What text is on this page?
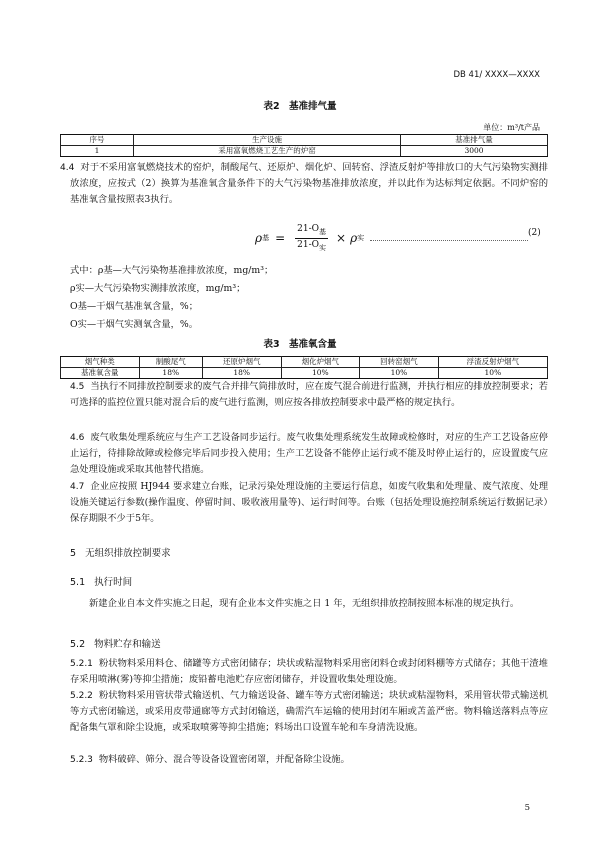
DB 41/ XXXX—XXXX
表2　基准排气量
单位：m³/t产品
序号	生产设施	基准排气量
1	采用富氧燃烧工艺生产的炉窑	3000
4.4 对于不采用富氧燃烧技术的窑炉，制酸尾气、还原炉、烟化炉、回转窑、浮渣反射炉等排放口的大气污染物实测排放浓度，应按式（2）换算为基准氧含量条件下的大气污染物基准排放浓度，并以此作为达标判定依据。不同炉窑的基准氧含量按照表3执行。
ρ 基 = $\frac{21-O_基}{21-O_实} \times \rho$ 实	(2)
式中：ρ基—大气污染物基准排放浓度，mg/m³；
ρ实—大气污染物实测排放浓度，mg/m³；
O基—干烟气基准氧含量，%；
O实—干烟气实测氧含量，%。
表3　基准氧含量
烟气种类	制酸尾气	还原炉烟气	烟化炉烟气	回转窑烟气	浮渣反射炉烟气
基准氧含量	18%	18%	10%	10%	10%
4.5 当执行不同排放控制要求的废气合并排气筒排放时，应在废气混合前进行监测，并执行相应的排放控制要求；若可选择的监控位置只能对混合后的废气进行监测，则应按各排放控制要求中最严格的规定执行。
4.6 废气收集处理系统应与生产工艺设备同步运行。废气收集处理系统发生故障或检修时，对应的生产工艺设备应停止运行，待排除故障或检修完毕后同步投入使用；生产工艺设备不能停止运行或不能及时停止运行的，应设置废气应急处理设施或采取其他替代措施。
4.7 企业应按照 HJ944 要求建立台账，记录污染处理设施的主要运行信息，如废气收集和处理量、废气浓度、处理设施关键运行参数(操作温度、停留时间、吸收液用量等)、运行时间等。台账（包括处理设施控制系统运行数据记录）保存期限不少于5年。
5 无组织排放控制要求
5.1 执行时间
新建企业自本文件实施之日起，现有企业本文件实施之日 1 年，无组织排放控制按照本标准的规定执行。
5.2 物料贮存和输送
5.2.1 粉状物料采用料仓、储罐等方式密闭储存；块状或粘湿物料采用密闭料仓或封闭料棚等方式储存；其他干渣堆存采用喷淋(雾)等抑尘措施；废铅蓄电池贮存应密闭储存，并设置收集处理设施。
5.2.2 粉状物料采用管状带式输送机、气力输送设备、罐车等方式密闭输送；块状或粘湿物料，采用管状带式输送机等方式密闭输送，或采用皮带通廊等方式封闭输送，确需汽车运输的使用封闭车厢或苫盖严密。物料输送落料点等应配备集气罩和除尘设施，或采取喷雾等抑尘措施；料场出口设置车轮和车身清洗设施。
5.2.3 物料破碎、筛分、混合等设备设置密闭罩，并配备除尘设施。
5
